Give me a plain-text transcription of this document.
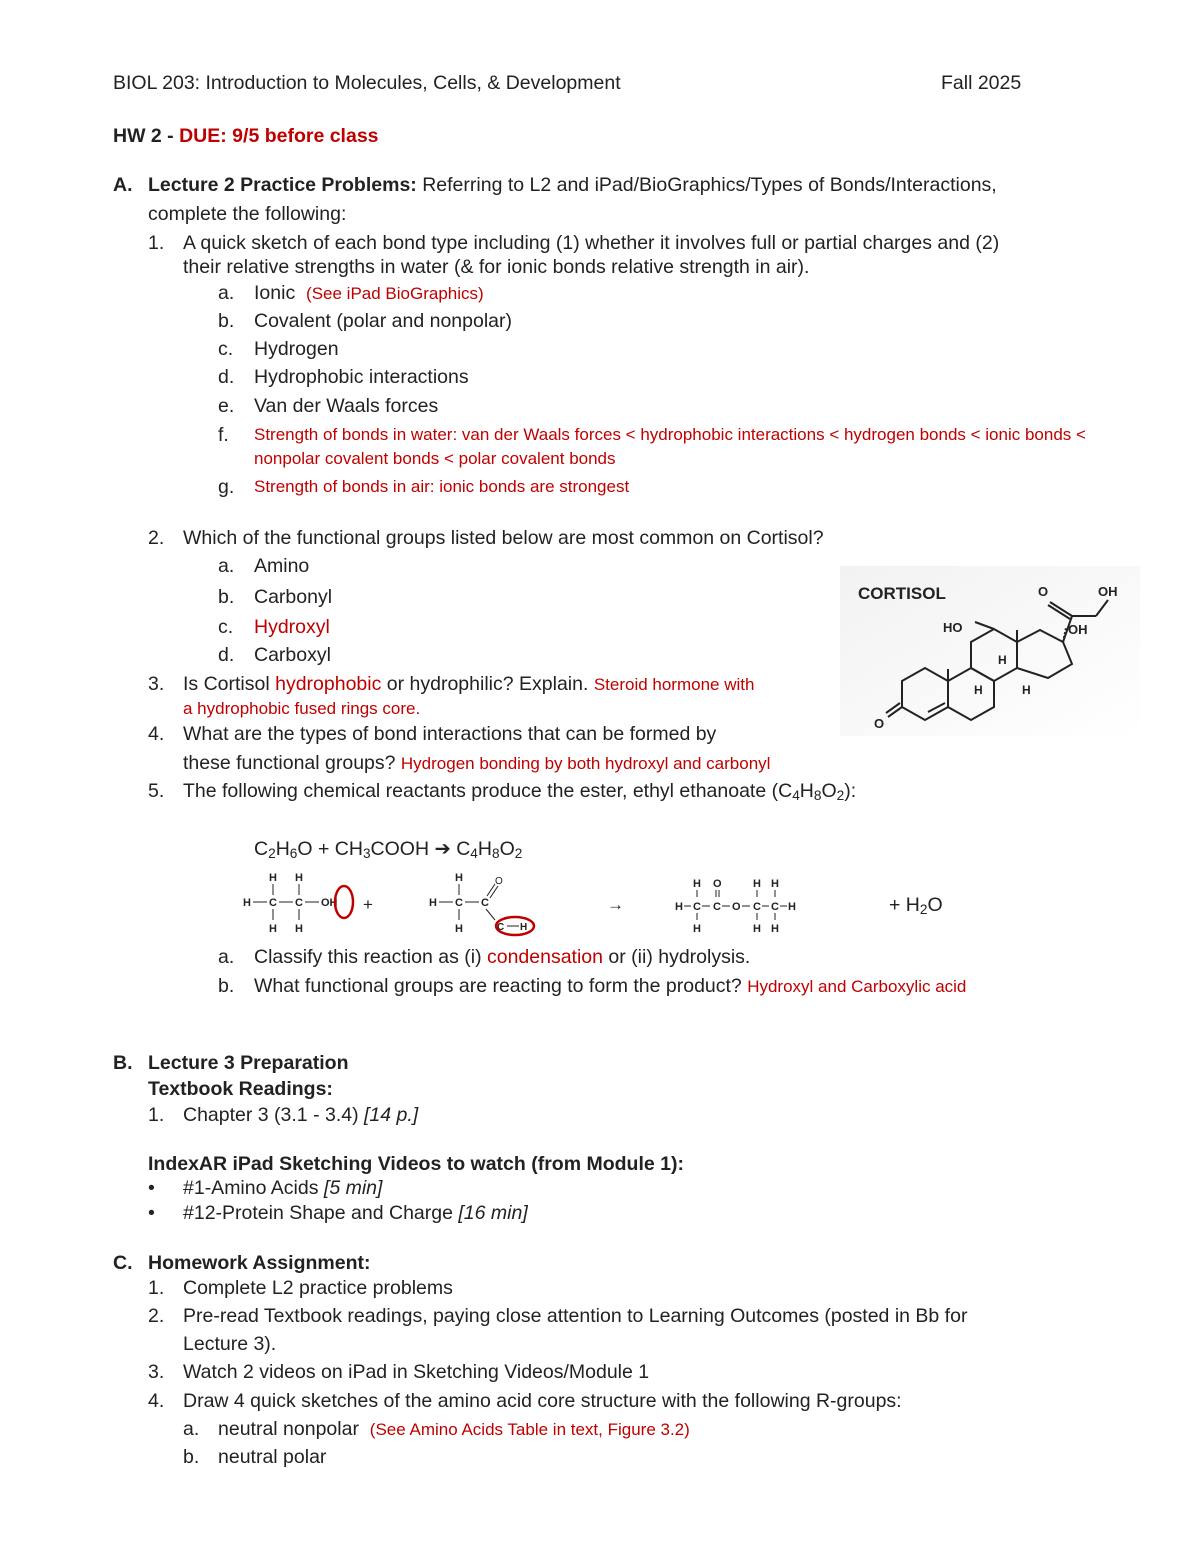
BIOL 203: Introduction to Molecules, Cells, & Development	Fall 2025
HW 2 - DUE: 9/5 before class
A. Lecture 2 Practice Problems: Referring to L2 and iPad/BioGraphics/Types of Bonds/Interactions,
complete the following:
1. A quick sketch of each bond type including (1) whether it involves full or partial charges and (2)
their relative strengths in water (& for ionic bonds relative strength in air).
a. Ionic (See iPad BioGraphics)
b. Covalent (polar and nonpolar)
c. Hydrogen
d. Hydrophobic interactions
e. Van der Waals forces
f. Strength of bonds in water: van der Waals forces < hydrophobic interactions < hydrogen bonds < ionic bonds <
nonpolar covalent bonds < polar covalent bonds
g. Strength of bonds in air: ionic bonds are strongest
2. Which of the functional groups listed below are most common on Cortisol?
a. Amino
b. Carbonyl
c. Hydroxyl
d. Carboxyl
3. Is Cortisol hydrophobic or hydrophilic? Explain. Steroid hormone with
a hydrophobic fused rings core.
4. What are the types of bond interactions that can be formed by
these functional groups? Hydrogen bonding by both hydroxyl and carbonyl
5. The following chemical reactants produce the ester, ethyl ethanoate $(C_4H_8O_2)$:
$C_2H_6O$ + $CH_3COOH$ ➔ $C_4H_8O_2$
H H
H C C OH
H H
+
H
H C C
O
H	C H
→
H O	H H
H C C O C C H
H	H H
+ $H_2O$
a. Classify this reaction as (i) condensation or (ii) hydrolysis.
b. What functional groups are reacting to form the product? Hydroxyl and Carboxylic acid
CORTISOL	O	OH
HO	OH
H
H	H
O
B. Lecture 3 Preparation
Textbook Readings:
1. Chapter 3 (3.1 - 3.4) [14 p.]
IndexAR iPad Sketching Videos to watch (from Module 1):
• #1-Amino Acids [5 min]
• #12-Protein Shape and Charge [16 min]
C. Homework Assignment:
1. Complete L2 practice problems
2. Pre-read Textbook readings, paying close attention to Learning Outcomes (posted in Bb for
Lecture 3).
3. Watch 2 videos on iPad in Sketching Videos/Module 1
4. Draw 4 quick sketches of the amino acid core structure with the following R-groups:
a. neutral nonpolar (See Amino Acids Table in text, Figure 3.2)
b. neutral polar
